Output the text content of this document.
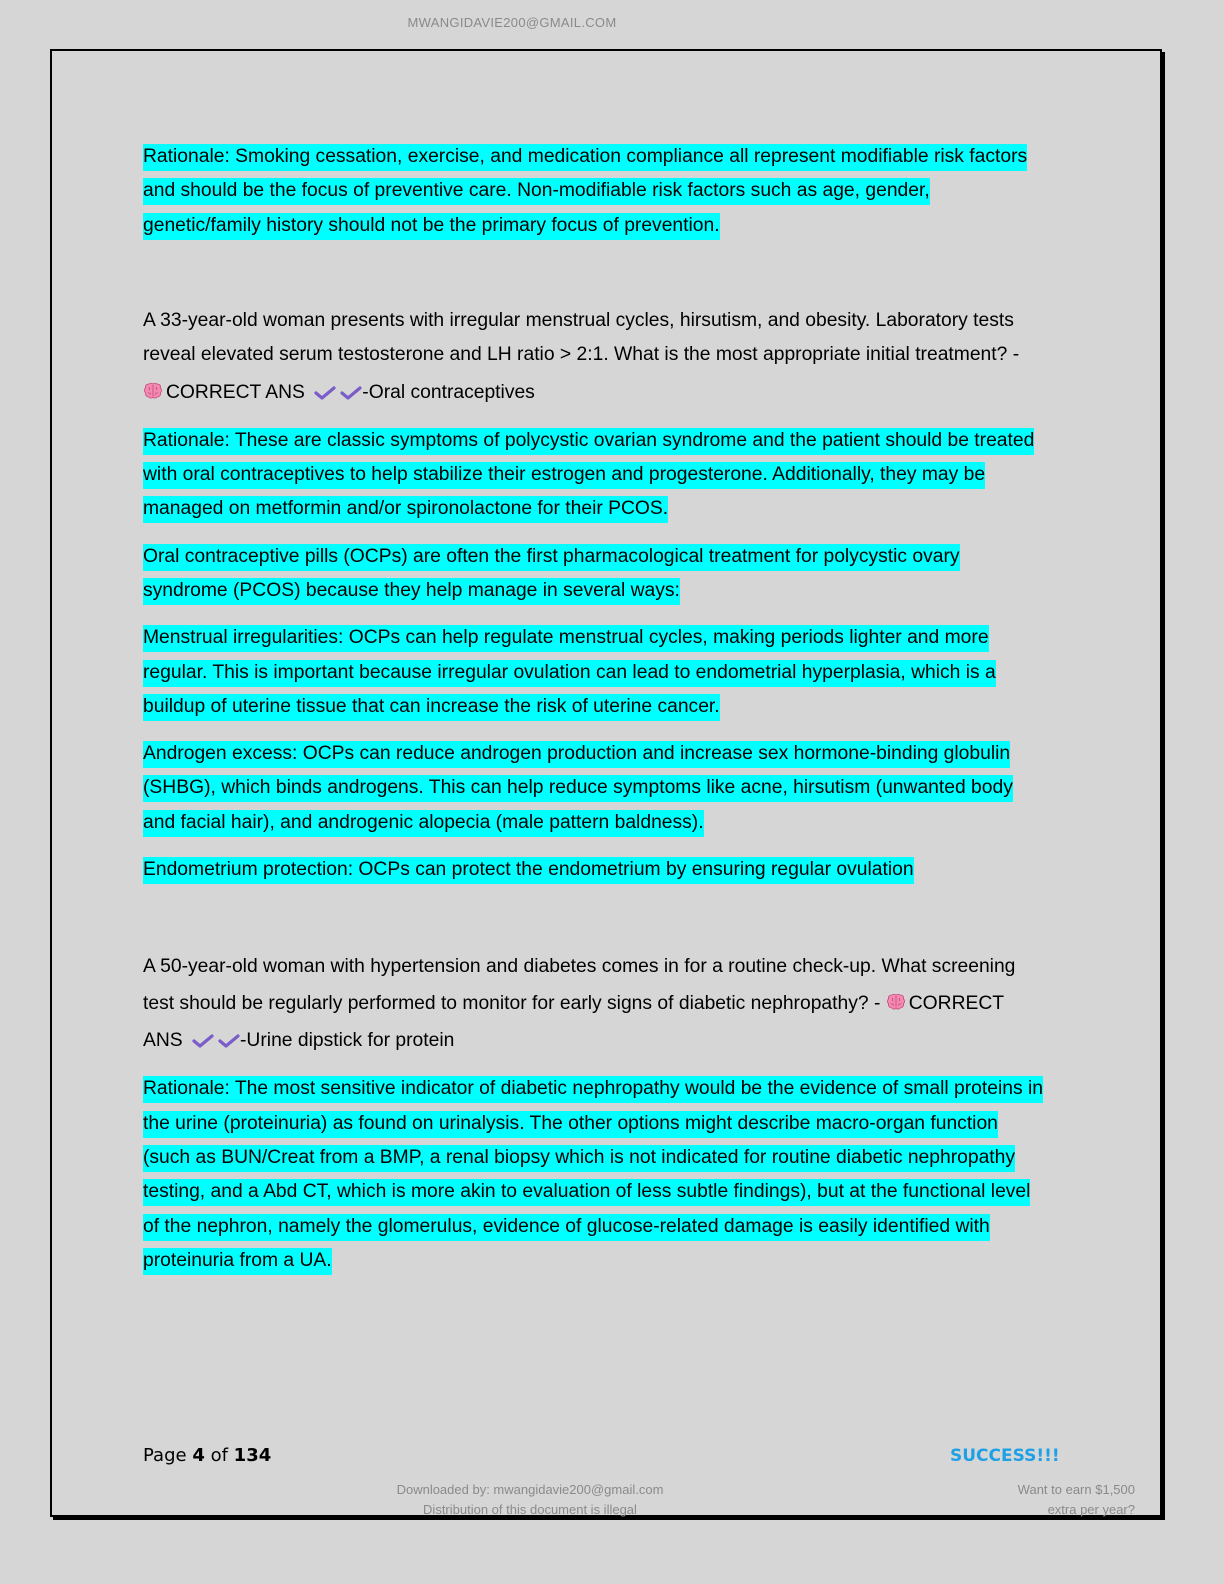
MWANGIDAVIE200@GMAIL.COM

Rationale: Smoking cessation, exercise, and medication compliance all represent modifiable risk factors
and should be the focus of preventive care. Non-modifiable risk factors such as age, gender,
genetic/family history should not be the primary focus of prevention.

A 33-year-old woman presents with irregular menstrual cycles, hirsutism, and obesity. Laboratory tests
reveal elevated serum testosterone and LH ratio > 2:1. What is the most appropriate initial treatment? -
CORRECT ANS	-Oral contraceptives

Rationale: These are classic symptoms of polycystic ovarian syndrome and the patient should be treated
with oral contraceptives to help stabilize their estrogen and progesterone. Additionally, they may be
managed on metformin and/or spironolactone for their PCOS.

Oral contraceptive pills (OCPs) are often the first pharmacological treatment for polycystic ovary
syndrome (PCOS) because they help manage in several ways:

Menstrual irregularities: OCPs can help regulate menstrual cycles, making periods lighter and more
regular. This is important because irregular ovulation can lead to endometrial hyperplasia, which is a
buildup of uterine tissue that can increase the risk of uterine cancer.

Androgen excess: OCPs can reduce androgen production and increase sex hormone-binding globulin
(SHBG), which binds androgens. This can help reduce symptoms like acne, hirsutism (unwanted body
and facial hair), and androgenic alopecia (male pattern baldness).

Endometrium protection: OCPs can protect the endometrium by ensuring regular ovulation

A 50-year-old woman with hypertension and diabetes comes in for a routine check-up. What screening
test should be regularly performed to monitor for early signs of diabetic nephropathy? - CORRECT
ANS	-Urine dipstick for protein

Rationale: The most sensitive indicator of diabetic nephropathy would be the evidence of small proteins in
the urine (proteinuria) as found on urinalysis. The other options might describe macro-organ function
(such as BUN/Creat from a BMP, a renal biopsy which is not indicated for routine diabetic nephropathy
testing, and a Abd CT, which is more akin to evaluation of less subtle findings), but at the functional level
of the nephron, namely the glomerulus, evidence of glucose-related damage is easily identified with
proteinuria from a UA.

Page 4 of 134	SUCCESS!!!
Downloaded by: mwangidavie200@gmail.com
Distribution of this document is illegal
Want to earn $1,500
extra per year?
